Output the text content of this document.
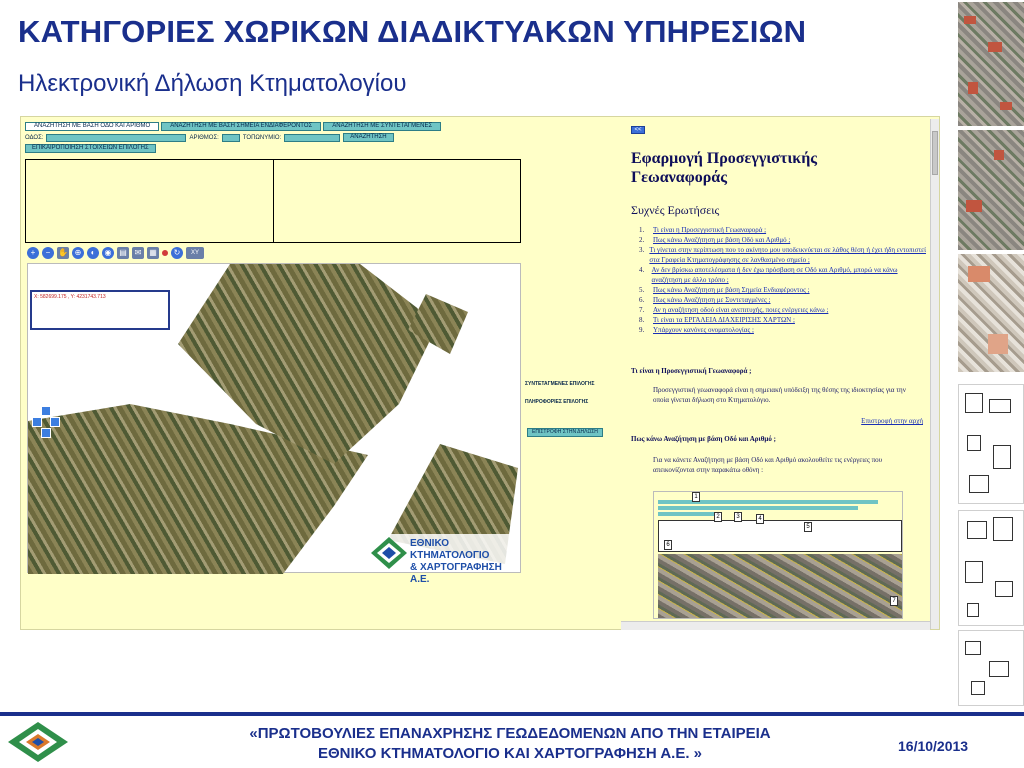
ΚΑΤΗΓΟΡΙΕΣ ΧΩΡΙΚΩΝ ΔΙΑΔΙΚΤΥΑΚΩΝ ΥΠΗΡΕΣΙΩΝ
Ηλεκτρονική Δήλωση Κτηματολογίου
ΑΝΑΖΗΤΗΣΗ ΜΕ ΒΑΣΗ ΟΔΟ ΚΑΙ ΑΡΙΘΜΟ	ΑΝΑΖΗΤΗΣΗ ΜΕ ΒΑΣΗ ΣΗΜΕΙΑ ΕΝΔΙΑΦΕΡΟΝΤΟΣ	ΑΝΑΖΗΤΗΣΗ ΜΕ ΣΥΝΤΕΤΑΓΜΕΝΕΣ
ΟΔΟΣ:	ΑΡΙΘΜΟΣ:	ΤΟΠΩΝΥΜΙΟ:	ΑΝΑΖΗΤΗΣΗ
ΕΠΙΚΑΙΡΟΠΟΙΗΣΗ ΣΤΟΙΧΕΙΩΝ ΕΠΙΛΟΓΗΣ
+	− ✋ ⊕	◐	◉ ▤ ✉ ▦	↻	XY
X: 582699.175 , Y: 4231743.713
ΕΘΝΙΚΟ ΚΤΗΜΑΤΟΛΟΓΙΟ
& ΧΑΡΤΟΓΡΑΦΗΣΗ Α.Ε.
ΣΥΝΤΕΤΑΓΜΕΝΕΣ ΕΠΙΛΟΓΗΣ
ΠΛΗΡΟΦΟΡΙΕΣ ΕΠΙΛΟΓΗΣ
ΕΠΙΣΤΡΟΦΗ ΣΤΗΝ ΔΗΛΩΣΗ
<<
Εφαρμογή Προσεγγιστικής Γεωαναφοράς
Συχνές Ερωτήσεις
1.	Τι είναι η Προσεγγιστική Γεωαναφορά ;
2.	Πως κάνω Αναζήτηση με βάση Οδό και Αριθμό ;
3. Τι γίνεται στην περίπτωση που το ακίνητο μου υποδεικνύεται σε λάθος θέση ή έχει ήδη εντοπιστεί στα Γραφεία Κτηματογράφησης σε λανθασμένο σημείο ;
4.	Αν δεν βρίσκω αποτελέσματα ή δεν έχω πρόσβαση σε Οδό και Αριθμό, μπορώ να κάνω αναζήτηση με άλλο τρόπο ;
5.	Πως κάνω Αναζήτηση με βάση Σημεία Ενδιαφέροντος ;
6.	Πως κάνω Αναζήτηση με Συντεταγμένες ;
7.	Αν η αναζήτηση οδού είναι ανεπιτυχής, ποιες ενέργειες κάνω ;
8.	Τι είναι τα ΕΡΓΑΛΕΙΑ ΔΙΑΧΕΙΡΙΣΗΣ ΧΑΡΤΩΝ ;
9.	Υπάρχουν κανόνες ονοματολογίας ;
Τι είναι η Προσεγγιστική Γεωαναφορά ;
Προσεγγιστική γεωαναφορά είναι η σημειακή υπόδειξη της θέσης της ιδιοκτησίας για την οποία γίνεται δήλωση στο Κτηματολόγιο.
Επιστροφή στην αρχή
Πως κάνω Αναζήτηση με βάση Οδό και Αριθμό ;
Για να κάνετε Αναζήτηση με βάση Οδό και Αριθμό ακολουθείτε τις ενέργειες που απεικονίζονται στην παρακάτω οθόνη :
1
2	3	4
5
6
7
«ΠΡΩΤΟΒΟΥΛΙΕΣ ΕΠΑΝΑΧΡΗΣΗΣ ΓΕΩΔΕΔΟΜΕΝΩΝ ΑΠΟ ΤΗΝ ΕΤΑΙΡΕΙΑ
ΕΘΝΙΚΟ ΚΤΗΜΑΤΟΛΟΓΙΟ ΚΑΙ ΧΑΡΤΟΓΡΑΦΗΣΗ Α.Ε. »	16/10/2013
